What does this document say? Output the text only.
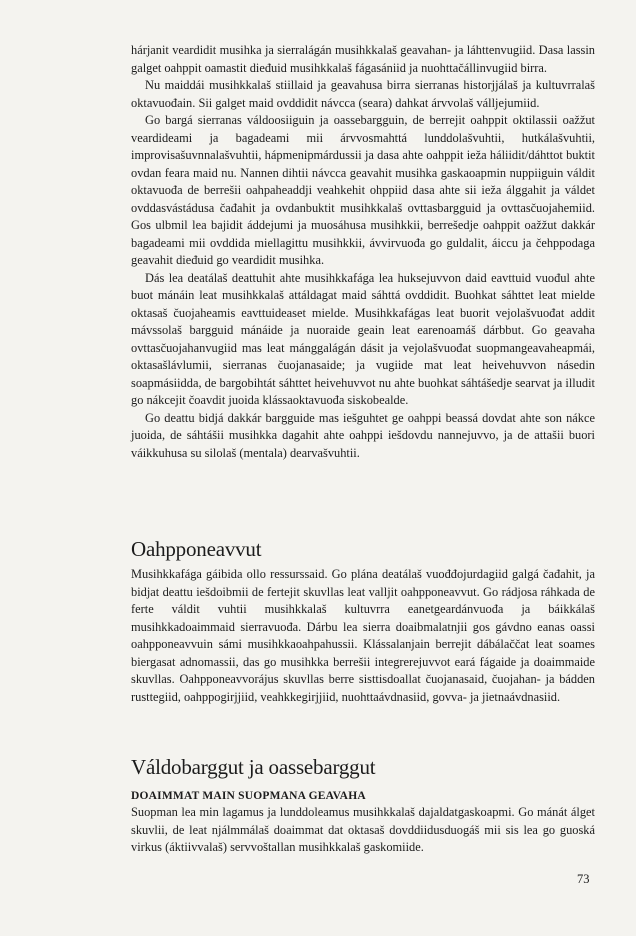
hárjanit veardidit musihka ja sierralágán musihkkalaš geavahan- ja láhttenvugiid. Dasa lassin galget oahppit oamastit dieđuid musihkkalaš fágasániid ja nuohttačállinvugiid birra.

Nu maiddái musihkkalaš stiillaid ja geavahusa birra sierranas historjjálaš ja kultuvrralaš oktavuođain. Sii galget maid ovddidit návcca (seara) dahkat árvvolaš válljejumiid.

Go bargá sierranas váldoosiiguin ja oassebargguin, de berrejit oahppit oktilassii oažžut veardideami ja bagadeami mii árvvosmahttá lunddolašvuhtii, hutkálašvuhtii, improvisašuvnnalašvuhtii, hápmenipmárdussii ja dasa ahte oahppit ieža háliidit/dáhttot buktit ovdan feara maid nu. Nannen dihtii návcca geavahit musihka gaskaoapmin nuppiiguin váldit oktavuođa de berrešii oahpaheaddji veahkehit ohppiid dasa ahte sii ieža álggahit ja váldet ovddasvástádusa čađahit ja ovdanbuktit musihkkalaš ovttasbargguid ja ovttasčuojahemiid. Gos ulbmil lea bajidit áddejumi ja muosáhusa musihkkii, berrešedje oahppit oažžut dakkár bagadeami mii ovddida miellagittu musihkkii, ávvirvuođa go guldalit, áiccu ja čehppodaga geavahit dieđuid go veardidit musihka.

Dás lea deatálaš deattuhit ahte musihkkafága lea huksejuvvon daid eavttuid vuođul ahte buot mánáin leat musihkkalaš attáldagat maid sáhttá ovddidit. Buohkat sáhttet leat mielde oktasaš čuojaheamis eavttuideaset mielde. Musihkkafágas leat buorit vejolašvuođat addit mávssolaš bargguid mánáide ja nuoraide geain leat earenoamáš dárbbut. Go geavaha ovttasčuojahanvugiid mas leat mánggalágán dásit ja vejolašvuođat suopmangeavaheapmái, oktasašlávlumii, sierranas čuojanasaide; ja vugiide mat leat heivehuvvon násedin soapmásiidda, de bargobihtát sáhttet heivehuvvot nu ahte buohkat sáhtášedje searvat ja illudit go nákcejit čoavdit juoida klássaoktavuođa siskobealde.

Go deattu bidjá dakkár bargguide mas iešguhtet ge oahppi beassá dovdat ahte son nákce juoida, de sáhtášii musihkka dagahit ahte oahppi iešdovdu nannejuvvo, ja de attašii buori váikkuhusa su silolaš (mentala) dearvašvuhtii.

Oahpponeavvut

Musihkkafága gáibida ollo ressurssaid. Go plána deatálaš vuođđojurdagiid galgá čađahit, ja bidjat deattu iešdoibmii de fertejit skuvllas leat valljit oahpponeavvut. Go rádjosa ráhkada de ferte váldit vuhtii musihkkalaš kultuvrra eanetgeardánvuođa ja báikkálaš musihkkadoaimmaid sierravuođa. Dárbu lea sierra doaibmalatnjii gos gávdno eanas oassi oahpponeavvuin sámi musihkkaoahpahussii. Klássalanjain berrejit dábálaččat leat soames biergasat adnomassii, das go musihkka berrešii integrerejuvvot eará fágaide ja doaimmaide skuvllas. Oahpponeavvorájus skuvllas berre sisttisdoallat čuojanasaid, čuojahan- ja bádden rusttegiid, oahppogirjjiid, veahkkegirjjiid, nuohttaávdnasiid, govva- ja jietnaávdnasiid.

Váldobarggut ja oassebarggut
DOAIMMAT MAIN SUOPMANA GEAVAHA

Suopman lea min lagamus ja lunddoleamus musihkkalaš dajaldatgaskoapmi. Go mánát álget skuvlii, de leat njálmmálaš doaimmat dat oktasaš dovddiidusduogáš mii sis lea go guoská virkus (áktiivvalaš) servvoštallan musihkkalaš gaskomiide.

73
